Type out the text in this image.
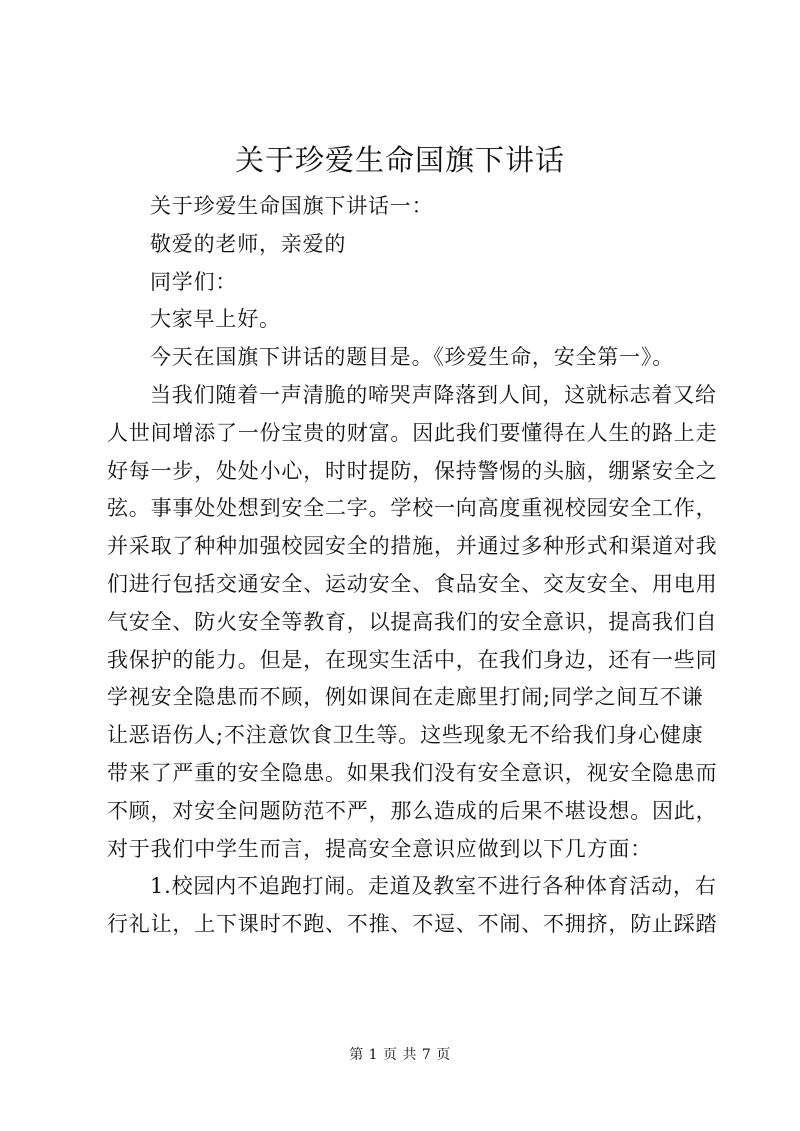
关于珍爱生命国旗下讲话
关于珍爱生命国旗下讲话一：
敬爱的老师，亲爱的
同学们：
大家早上好。
今天在国旗下讲话的题目是。《珍爱生命，安全第一》。
当我们随着一声清脆的啼哭声降落到人间，这就标志着又给
人世间增添了一份宝贵的财富。因此我们要懂得在人生的路上走
好每一步，处处小心，时时提防，保持警惕的头脑，绷紧安全之
弦。事事处处想到安全二字。学校一向高度重视校园安全工作，
并采取了种种加强校园安全的措施，并通过多种形式和渠道对我
们进行包括交通安全、运动安全、食品安全、交友安全、用电用
气安全、防火安全等教育，以提高我们的安全意识，提高我们自
我保护的能力。但是，在现实生活中，在我们身边，还有一些同
学视安全隐患而不顾，例如课间在走廊里打闹;同学之间互不谦
让恶语伤人;不注意饮食卫生等。这些现象无不给我们身心健康
带来了严重的安全隐患。如果我们没有安全意识，视安全隐患而
不顾，对安全问题防范不严，那么造成的后果不堪设想。因此，
对于我们中学生而言，提高安全意识应做到以下几方面：
1.校园内不追跑打闹。走道及教室不进行各种体育活动，右
行礼让，上下课时不跑、不推、不逗、不闹、不拥挤，防止踩踏
第 1 页 共 7 页
